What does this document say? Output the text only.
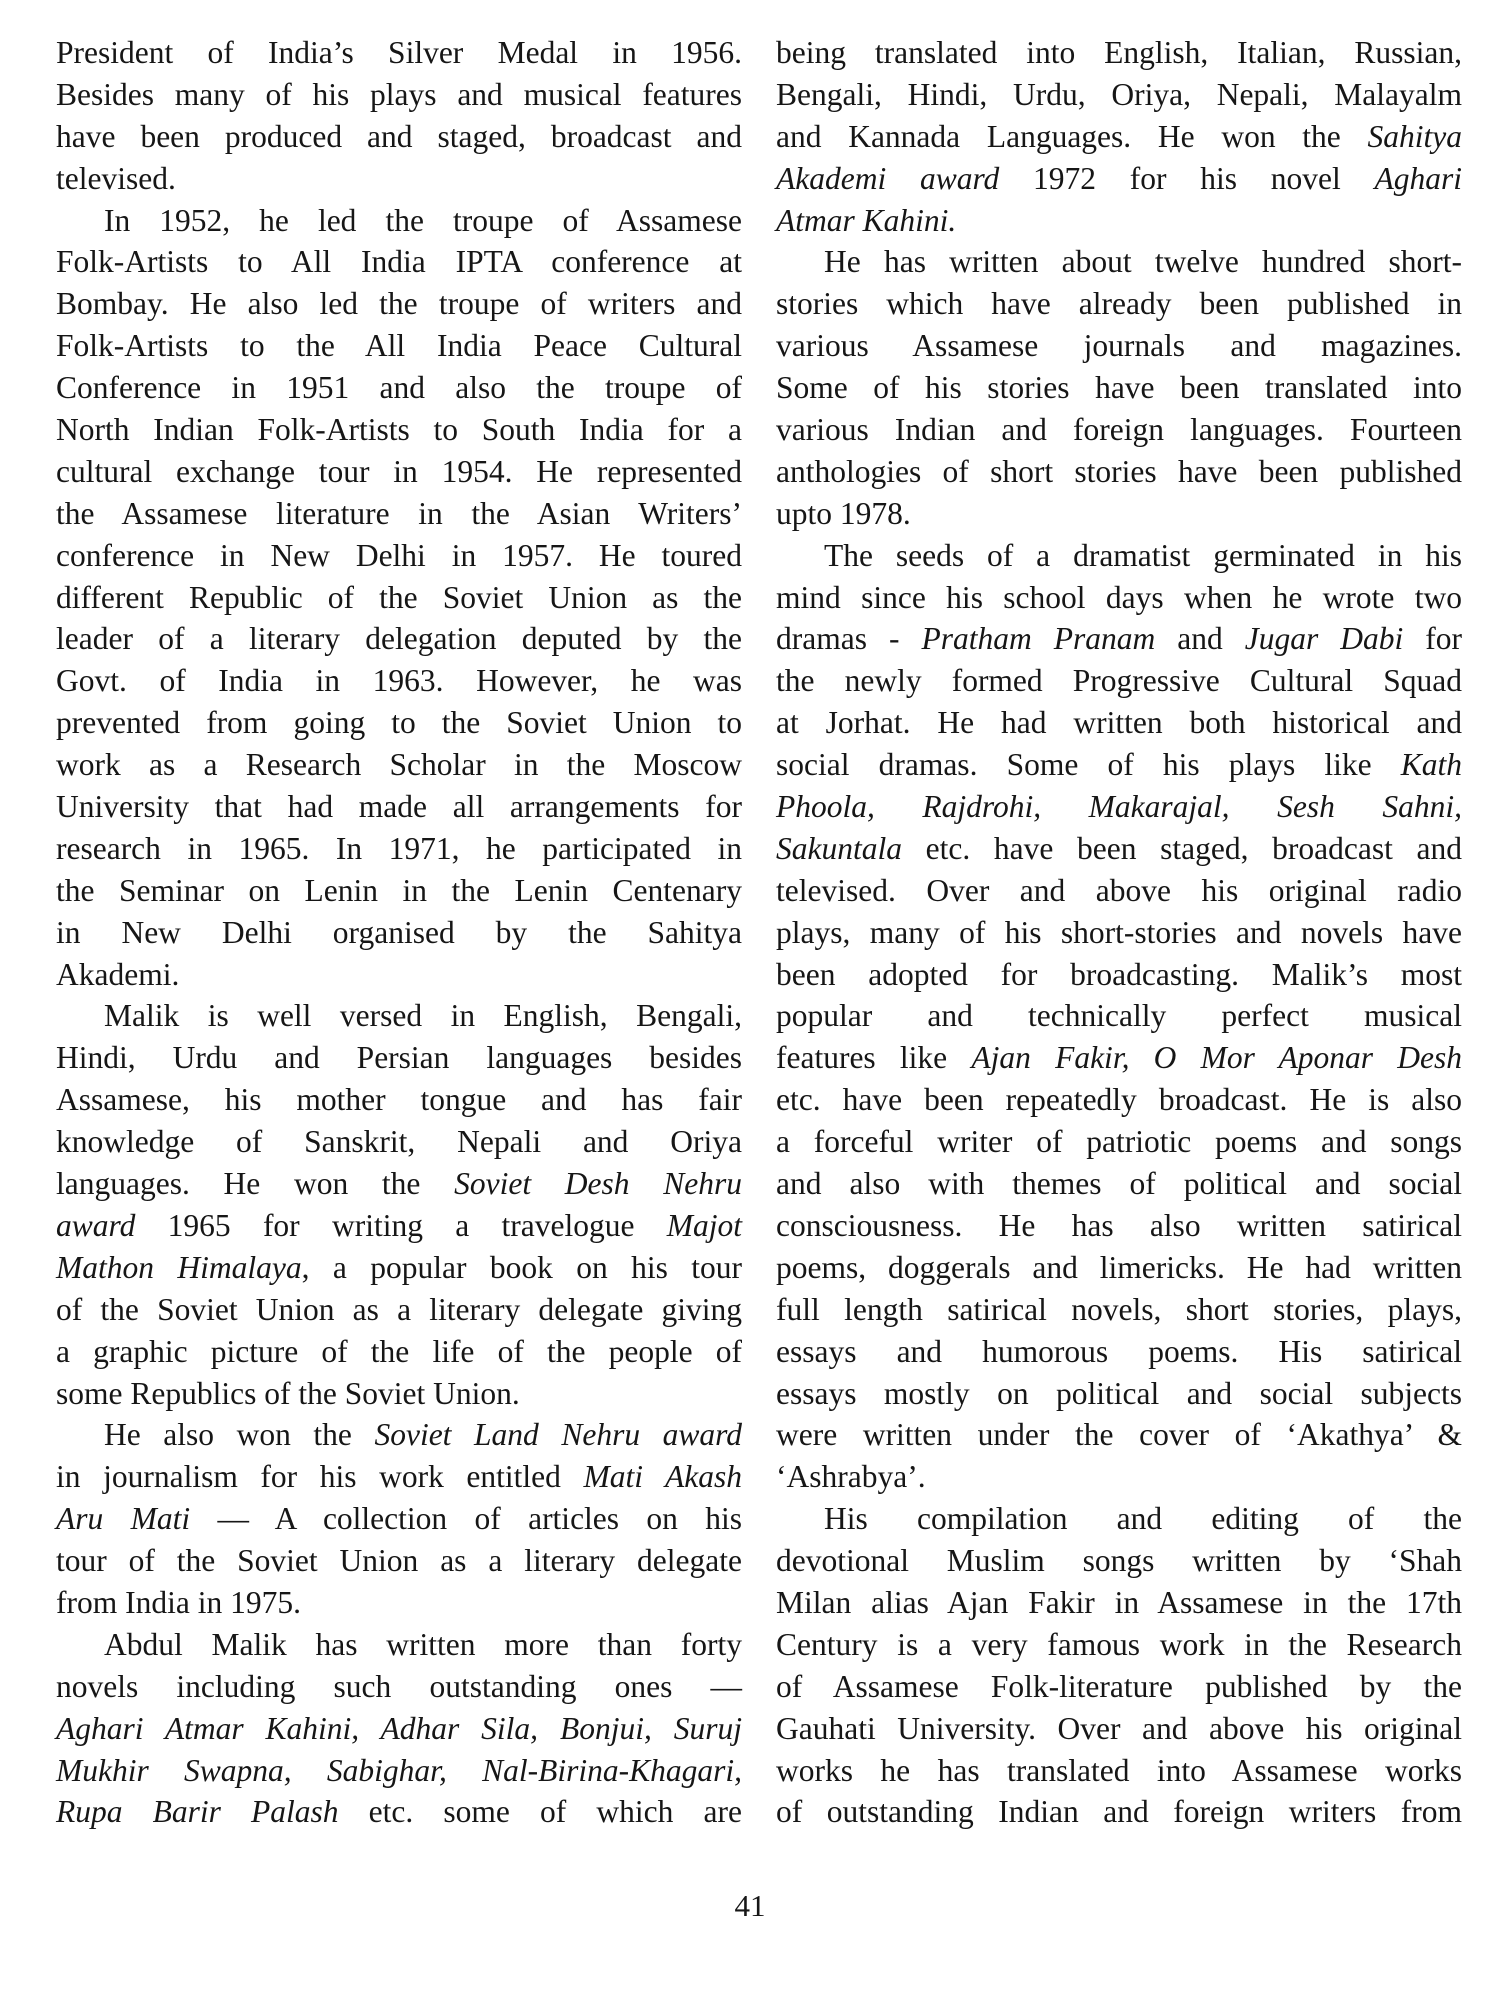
President of India’s Silver Medal in 1956.
Besides many of his plays and musical features
have been produced and staged, broadcast and
televised.
In 1952, he led the troupe of Assamese
Folk-Artists to All India IPTA conference at
Bombay. He also led the troupe of writers and
Folk-Artists to the All India Peace Cultural
Conference in 1951 and also the troupe of
North Indian Folk-Artists to South India for a
cultural exchange tour in 1954. He represented
the Assamese literature in the Asian Writers’
conference in New Delhi in 1957. He toured
different Republic of the Soviet Union as the
leader of a literary delegation deputed by the
Govt. of India in 1963. However, he was
prevented from going to the Soviet Union to
work as a Research Scholar in the Moscow
University that had made all arrangements for
research in 1965. In 1971, he participated in
the Seminar on Lenin in the Lenin Centenary
in New Delhi organised by the Sahitya
Akademi.
Malik is well versed in English, Bengali,
Hindi, Urdu and Persian languages besides
Assamese, his mother tongue and has fair
knowledge of Sanskrit, Nepali and Oriya
languages. He won the Soviet Desh Nehru
award 1965 for writing a travelogue Majot
Mathon Himalaya, a popular book on his tour
of the Soviet Union as a literary delegate giving
a graphic picture of the life of the people of
some Republics of the Soviet Union.
He also won the Soviet Land Nehru award
in journalism for his work entitled Mati Akash
Aru Mati — A collection of articles on his
tour of the Soviet Union as a literary delegate
from India in 1975.
Abdul Malik has written more than forty
novels including such outstanding ones —
Aghari Atmar Kahini, Adhar Sila, Bonjui, Suruj
Mukhir Swapna, Sabighar, Nal-Birina-Khagari,
Rupa Barir Palash etc. some of which are
being translated into English, Italian, Russian,
Bengali, Hindi, Urdu, Oriya, Nepali, Malayalm
and Kannada Languages. He won the Sahitya
Akademi award 1972 for his novel Aghari
Atmar Kahini.
He has written about twelve hundred short-
stories which have already been published in
various Assamese journals and magazines.
Some of his stories have been translated into
various Indian and foreign languages. Fourteen
anthologies of short stories have been published
upto 1978.
The seeds of a dramatist germinated in his
mind since his school days when he wrote two
dramas - Pratham Pranam and Jugar Dabi for
the newly formed Progressive Cultural Squad
at Jorhat. He had written both historical and
social dramas. Some of his plays like Kath
Phoola, Rajdrohi, Makarajal, Sesh Sahni,
Sakuntala etc. have been staged, broadcast and
televised. Over and above his original radio
plays, many of his short-stories and novels have
been adopted for broadcasting. Malik’s most
popular and technically perfect musical
features like Ajan Fakir, O Mor Aponar Desh
etc. have been repeatedly broadcast. He is also
a forceful writer of patriotic poems and songs
and also with themes of political and social
consciousness. He has also written satirical
poems, doggerals and limericks. He had written
full length satirical novels, short stories, plays,
essays and humorous poems. His satirical
essays mostly on political and social subjects
were written under the cover of ‘Akathya’ &
‘Ashrabya’.
His compilation and editing of the
devotional Muslim songs written by ‘Shah
Milan alias Ajan Fakir in Assamese in the 17th
Century is a very famous work in the Research
of Assamese Folk-literature published by the
Gauhati University. Over and above his original
works he has translated into Assamese works
of outstanding Indian and foreign writers from
41
